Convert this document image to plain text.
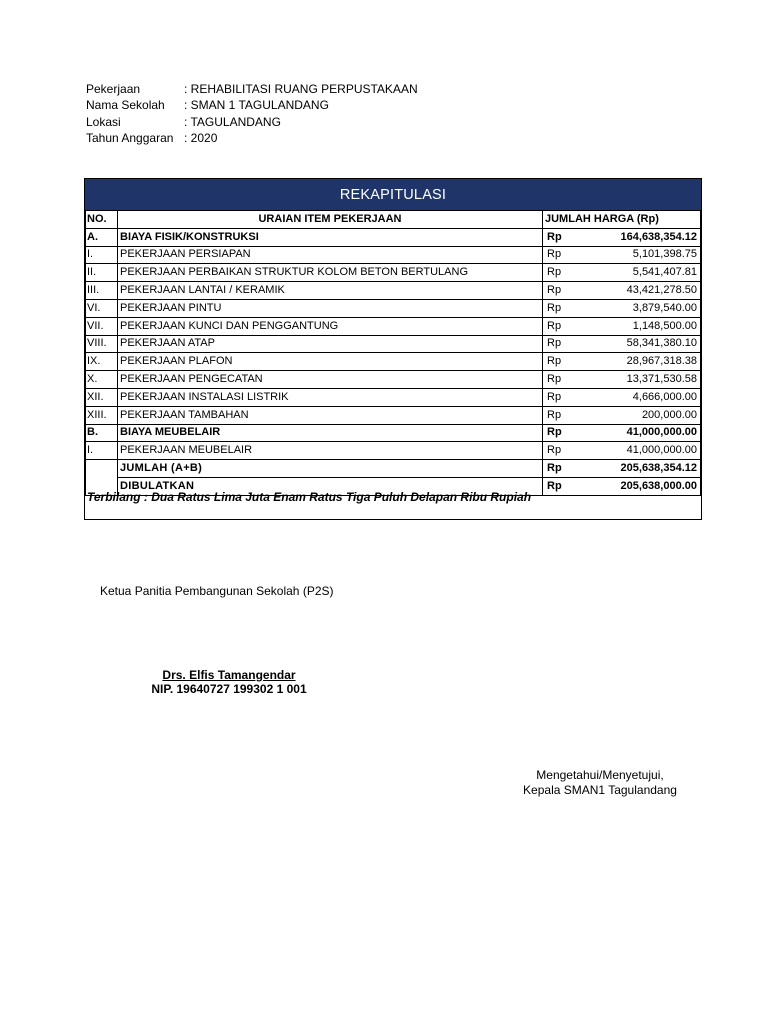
Pekerjaan	: REHABILITASI RUANG PERPUSTAKAAN
Nama Sekolah	: SMAN 1 TAGULANDANG
Lokasi	: TAGULANDANG
Tahun Anggaran : 2020
REKAPITULASI
NO.	URAIAN ITEM PEKERJAAN	JUMLAH HARGA (Rp)	
A.	BIAYA FISIK/KONSTRUKSI	Rp	164,638,354.12
I.	PEKERJAAN PERSIAPAN	Rp	5,101,398.75
II.	PEKERJAAN PERBAIKAN STRUKTUR KOLOM BETON BERTULANG	Rp	5,541,407.81
III.	PEKERJAAN LANTAI / KERAMIK	Rp	43,421,278.50
VI.	PEKERJAAN PINTU	Rp	3,879,540.00
VII.	PEKERJAAN KUNCI DAN PENGGANTUNG	Rp	1,148,500.00
VIII.	PEKERJAAN ATAP	Rp	58,341,380.10
IX.	PEKERJAAN PLAFON	Rp	28,967,318.38
X.	PEKERJAAN PENGECATAN	Rp	13,371,530.58
XII.	PEKERJAAN INSTALASI LISTRIK	Rp	4,666,000.00
XIII.	PEKERJAAN TAMBAHAN	Rp	200,000.00
B.	BIAYA MEUBELAIR	Rp	41,000,000.00
I.	PEKERJAAN MEUBELAIR	Rp	41,000,000.00
	JUMLAH (A+B)	Rp	205,638,354.12
	DIBULATKAN	Rp	205,638,000.00
Terbilang : Dua Ratus Lima Juta Enam Ratus Tiga Puluh Delapan Ribu Rupiah
Ketua Panitia Pembangunan Sekolah (P2S)
Drs. Elfis Tamangendar
NIP. 19640727 199302 1 001
Mengetahui/Menyetujui,
Kepala SMAN1 Tagulandang
